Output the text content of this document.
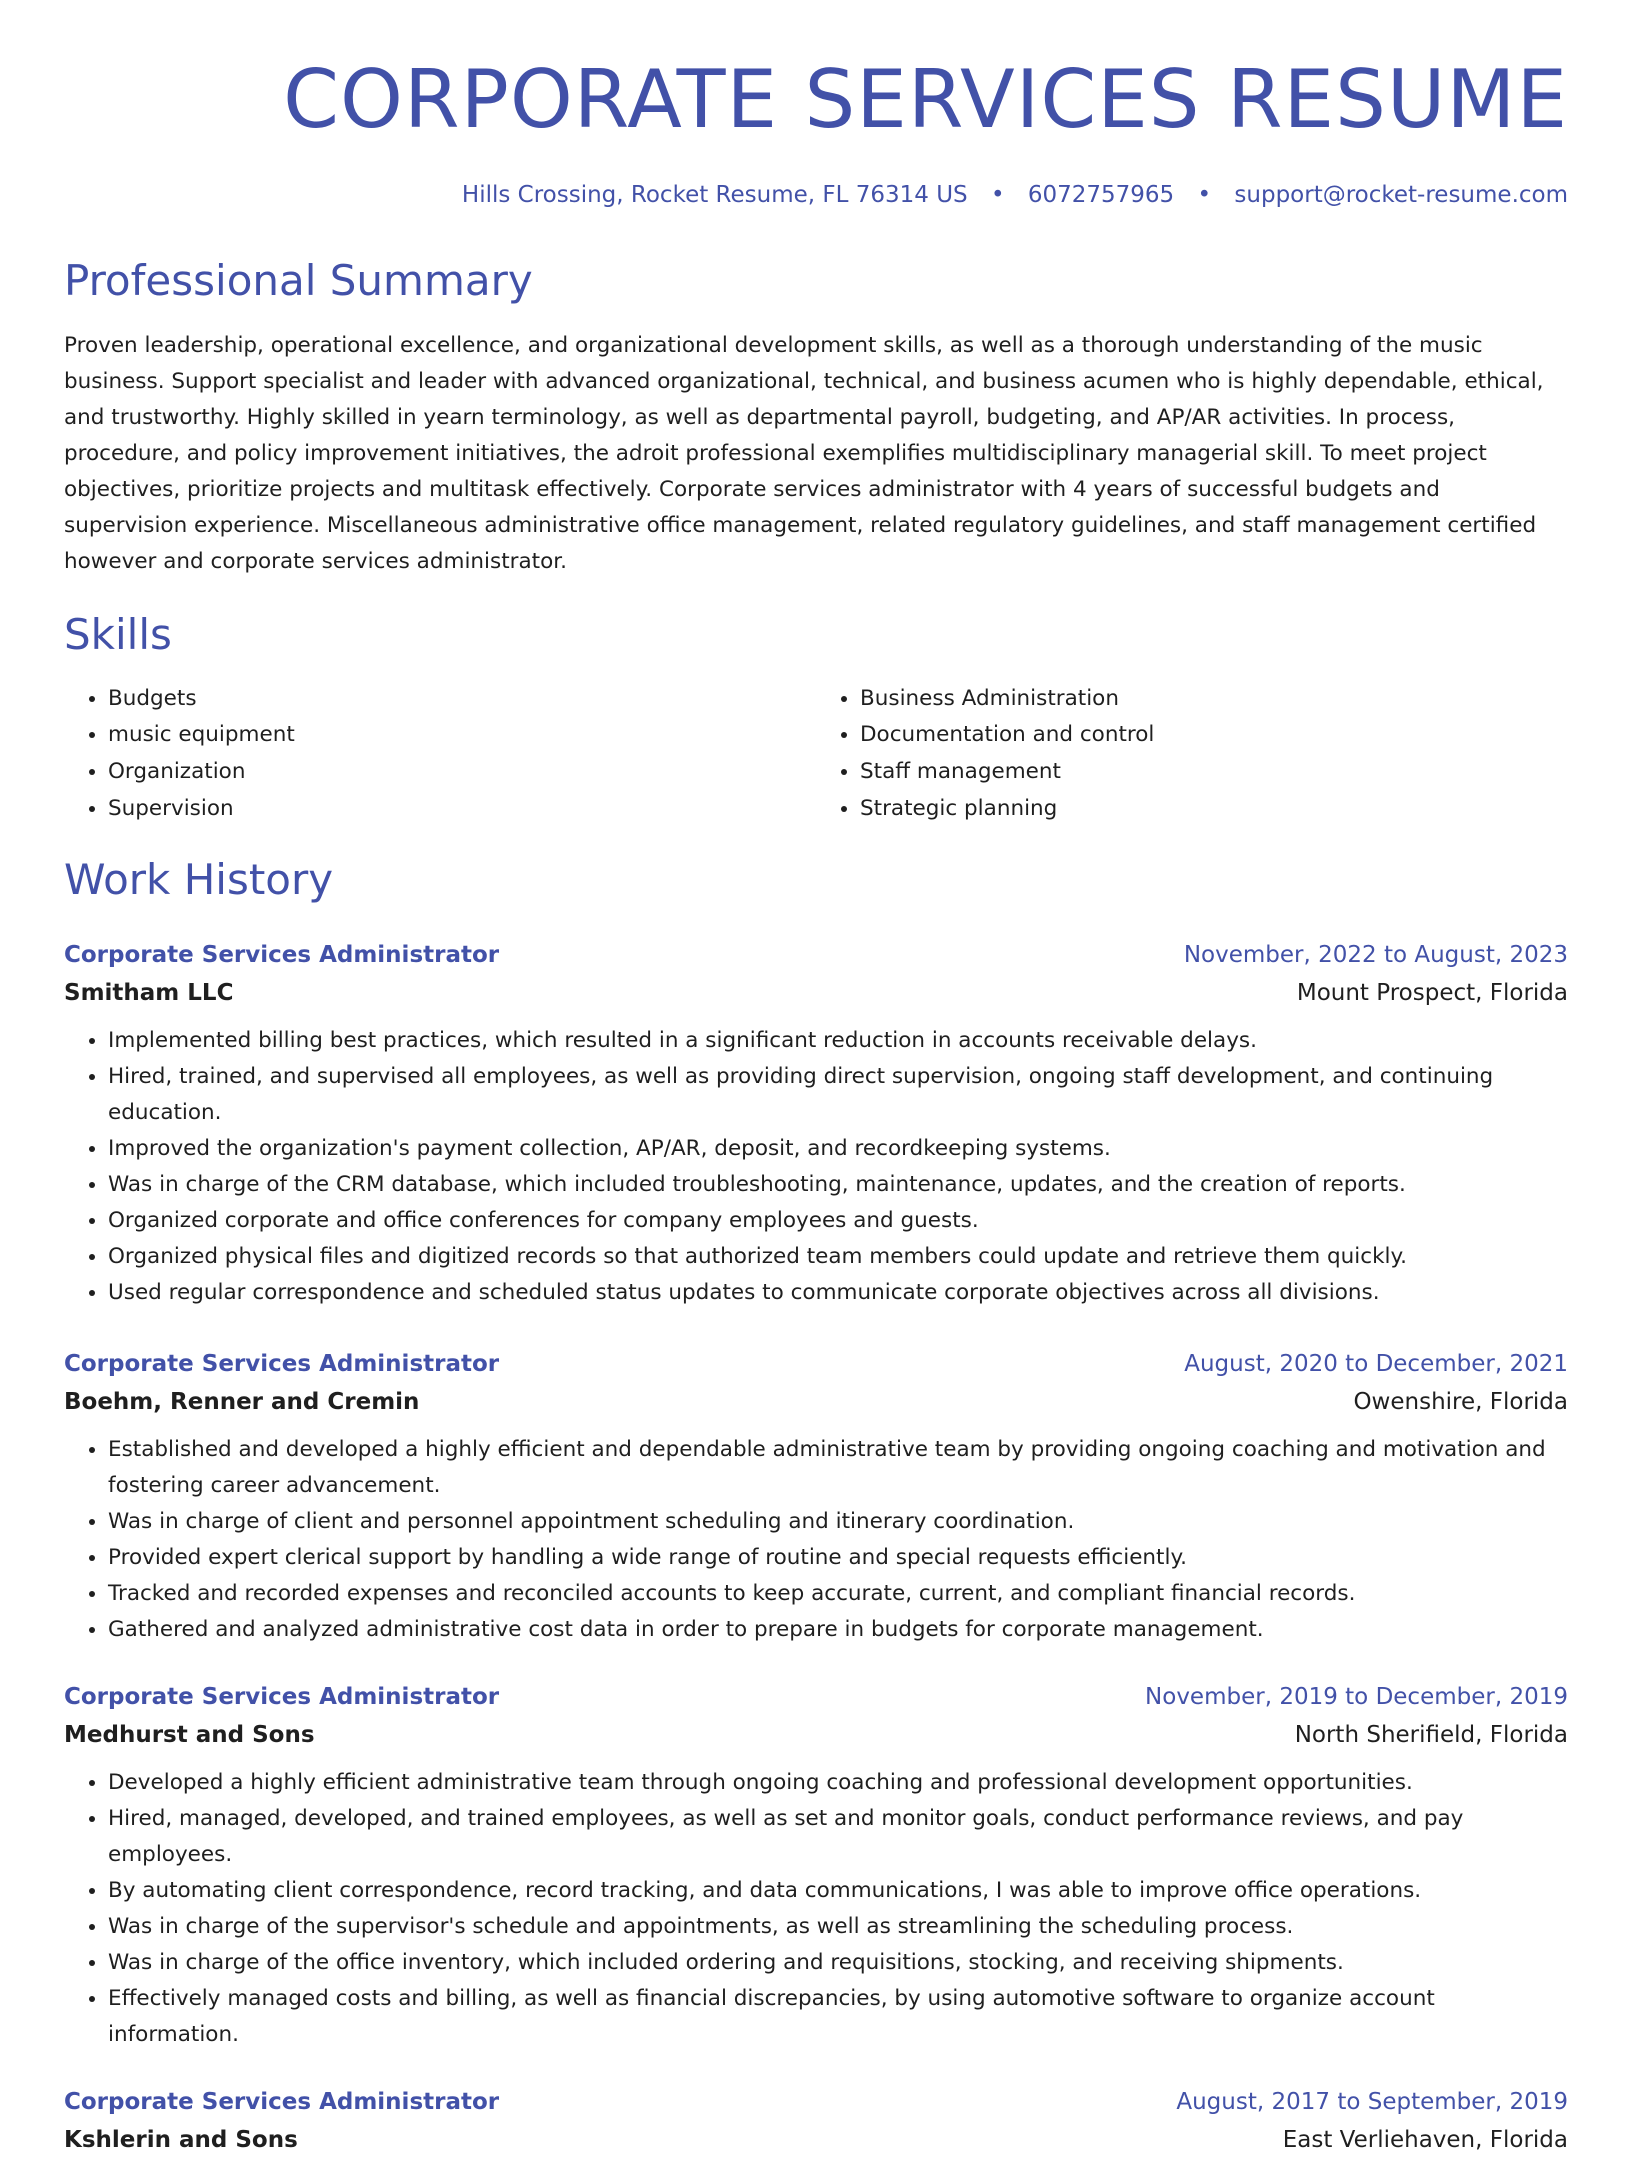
CORPORATE SERVICES RESUME
Hills Crossing, Rocket Resume, FL 76314 US • 6072757965 • support@rocket-resume.com
Professional Summary
Proven leadership, operational excellence, and organizational development skills, as well as a thorough understanding of the music business. Support specialist and leader with advanced organizational, technical, and business acumen who is highly dependable, ethical, and trustworthy. Highly skilled in yearn terminology, as well as departmental payroll, budgeting, and AP/AR activities. In process, procedure, and policy improvement initiatives, the adroit professional exemplifies multidisciplinary managerial skill. To meet project objectives, prioritize projects and multitask effectively. Corporate services administrator with 4 years of successful budgets and supervision experience. Miscellaneous administrative office management, related regulatory guidelines, and staff management certified however and corporate services administrator.
Skills
• Budgets
• music equipment
• Organization
• Supervision
• Business Administration
• Documentation and control
• Staff management
• Strategic planning
Work History
Corporate Services Administrator	November, 2022 to August, 2023
Smitham LLC	Mount Prospect, Florida
• Implemented billing best practices, which resulted in a significant reduction in accounts receivable delays.
• Hired, trained, and supervised all employees, as well as providing direct supervision, ongoing staff development, and continuing education.
• Improved the organization's payment collection, AP/AR, deposit, and recordkeeping systems.
• Was in charge of the CRM database, which included troubleshooting, maintenance, updates, and the creation of reports.
• Organized corporate and office conferences for company employees and guests.
• Organized physical files and digitized records so that authorized team members could update and retrieve them quickly.
• Used regular correspondence and scheduled status updates to communicate corporate objectives across all divisions.
Corporate Services Administrator	August, 2020 to December, 2021
Boehm, Renner and Cremin	Owenshire, Florida
• Established and developed a highly efficient and dependable administrative team by providing ongoing coaching and motivation and fostering career advancement.
• Was in charge of client and personnel appointment scheduling and itinerary coordination.
• Provided expert clerical support by handling a wide range of routine and special requests efficiently.
• Tracked and recorded expenses and reconciled accounts to keep accurate, current, and compliant financial records.
• Gathered and analyzed administrative cost data in order to prepare in budgets for corporate management.
Corporate Services Administrator	November, 2019 to December, 2019
Medhurst and Sons	North Sherifield, Florida
• Developed a highly efficient administrative team through ongoing coaching and professional development opportunities.
• Hired, managed, developed, and trained employees, as well as set and monitor goals, conduct performance reviews, and pay employees.
• By automating client correspondence, record tracking, and data communications, I was able to improve office operations.
• Was in charge of the supervisor's schedule and appointments, as well as streamlining the scheduling process.
• Was in charge of the office inventory, which included ordering and requisitions, stocking, and receiving shipments.
• Effectively managed costs and billing, as well as financial discrepancies, by using automotive software to organize account information.
Corporate Services Administrator	August, 2017 to September, 2019
Kshlerin and Sons	East Verliehaven, Florida
